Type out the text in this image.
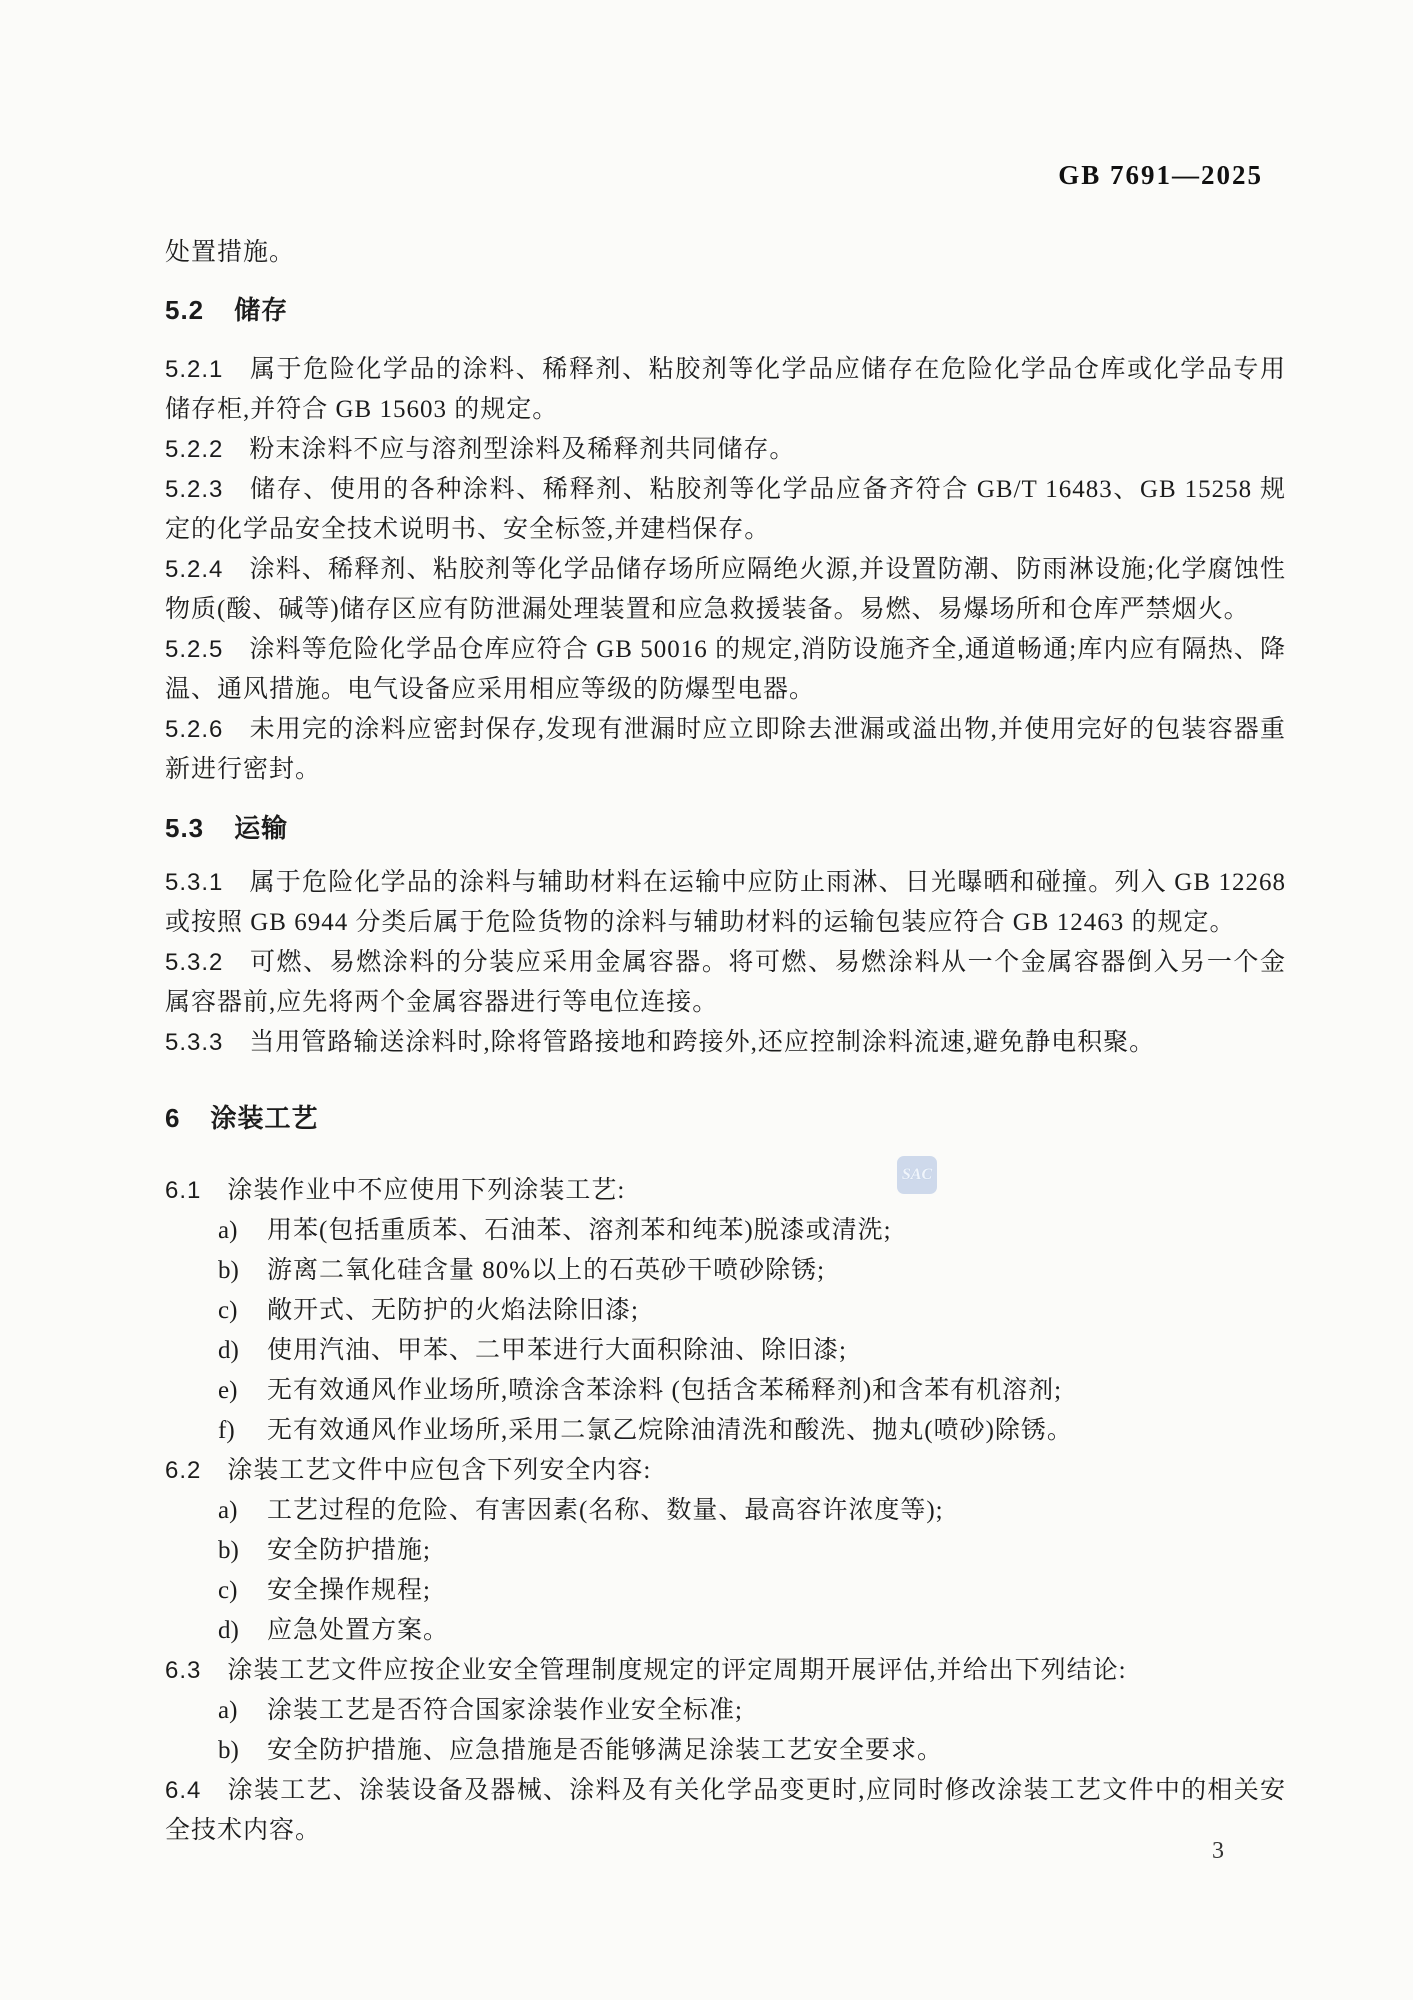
GB 7691—2025
SAC

处置措施。

5.2 储存

5.2.1 属于危险化学品的涂料、稀释剂、粘胶剂等化学品应储存在危险化学品仓库或化学品专用储存柜,并符合 GB 15603 的规定。

5.2.2 粉末涂料不应与溶剂型涂料及稀释剂共同储存。

5.2.3 储存、使用的各种涂料、稀释剂、粘胶剂等化学品应备齐符合 GB/T 16483、GB 15258 规定的化学品安全技术说明书、安全标签,并建档保存。

5.2.4 涂料、稀释剂、粘胶剂等化学品储存场所应隔绝火源,并设置防潮、防雨淋设施;化学腐蚀性物质(酸、碱等)储存区应有防泄漏处理装置和应急救援装备。易燃、易爆场所和仓库严禁烟火。

5.2.5 涂料等危险化学品仓库应符合 GB 50016 的规定,消防设施齐全,通道畅通;库内应有隔热、降温、通风措施。电气设备应采用相应等级的防爆型电器。

5.2.6 未用完的涂料应密封保存,发现有泄漏时应立即除去泄漏或溢出物,并使用完好的包装容器重新进行密封。

5.3 运输

5.3.1 属于危险化学品的涂料与辅助材料在运输中应防止雨淋、日光曝晒和碰撞。列入 GB 12268 或按照 GB 6944 分类后属于危险货物的涂料与辅助材料的运输包装应符合 GB 12463 的规定。

5.3.2 可燃、易燃涂料的分装应采用金属容器。将可燃、易燃涂料从一个金属容器倒入另一个金属容器前,应先将两个金属容器进行等电位连接。

5.3.3 当用管路输送涂料时,除将管路接地和跨接外,还应控制涂料流速,避免静电积聚。

6 涂装工艺

6.1 涂装作业中不应使用下列涂装工艺:

a) 用苯(包括重质苯、石油苯、溶剂苯和纯苯)脱漆或清洗;

b) 游离二氧化硅含量 80%以上的石英砂干喷砂除锈;

c) 敞开式、无防护的火焰法除旧漆;

d) 使用汽油、甲苯、二甲苯进行大面积除油、除旧漆;

e) 无有效通风作业场所,喷涂含苯涂料 (包括含苯稀释剂)和含苯有机溶剂;

f) 无有效通风作业场所,采用二氯乙烷除油清洗和酸洗、抛丸(喷砂)除锈。

6.2 涂装工艺文件中应包含下列安全内容:

a) 工艺过程的危险、有害因素(名称、数量、最高容许浓度等);

b) 安全防护措施;

c) 安全操作规程;

d) 应急处置方案。

6.3 涂装工艺文件应按企业安全管理制度规定的评定周期开展评估,并给出下列结论:

a) 涂装工艺是否符合国家涂装作业安全标准;

b) 安全防护措施、应急措施是否能够满足涂装工艺安全要求。

6.4 涂装工艺、涂装设备及器械、涂料及有关化学品变更时,应同时修改涂装工艺文件中的相关安全技术内容。

3
